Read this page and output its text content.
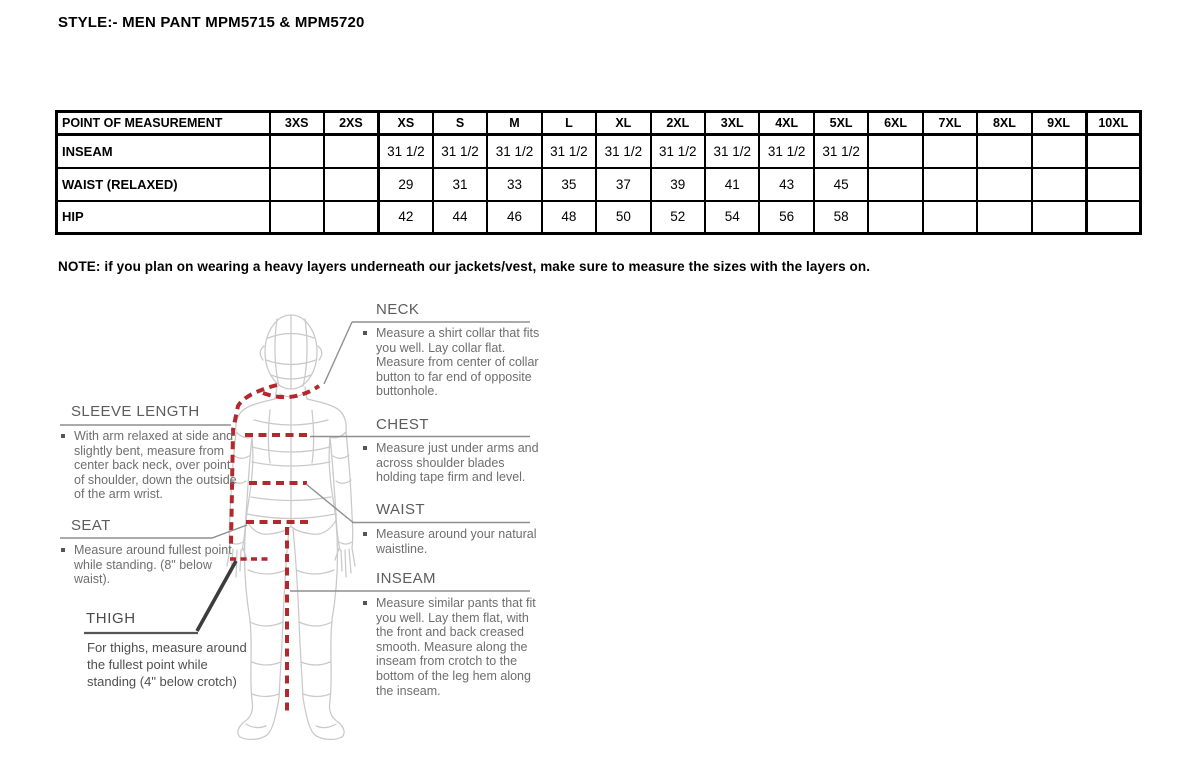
STYLE:- MEN PANT MPM5715 & MPM5720
POINT OF MEASUREMENT	3XS	2XS	XS	S	M	L	XL	2XL	3XL	4XL	5XL	6XL	7XL	8XL	9XL	10XL
INSEAM			31 1/2	31 1/2	31 1/2	31 1/2	31 1/2	31 1/2	31 1/2	31 1/2	31 1/2					
WAIST (RELAXED)			29	31	33	35	37	39	41	43	45					
HIP			42	44	46	48	50	52	54	56	58					
NOTE: if you plan on wearing a heavy layers underneath our jackets/vest, make sure to measure the sizes with the layers on.
SLEEVE LENGTH
With arm relaxed at side and slightly bent, measure from center back neck, over point of shoulder, down the outside of the arm wrist.
SEAT
Measure around fullest point while standing. (8" below waist).
THIGH
For thighs, measure around the fullest point while standing (4" below crotch)
NECK
Measure a shirt collar that fits you well. Lay collar flat. Measure from center of collar button to far end of opposite buttonhole.
CHEST
Measure just under arms and across shoulder blades holding tape firm and level.
WAIST
Measure around your natural waistline.
INSEAM
Measure similar pants that fit you well. Lay them flat, with the front and back creased smooth. Measure along the inseam from crotch to the bottom of the leg hem along the inseam.
